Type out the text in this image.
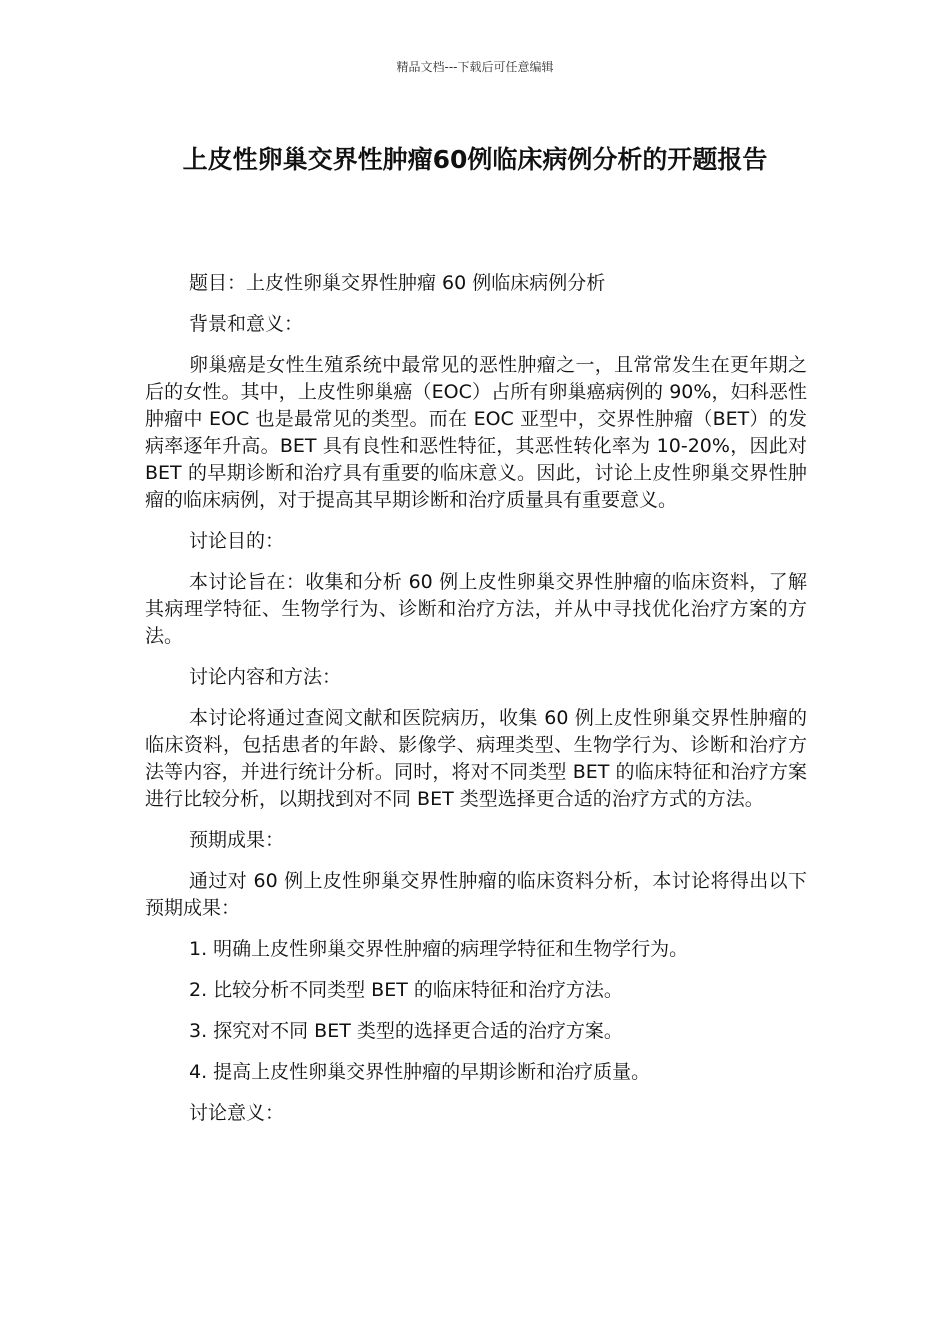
精品文档---下载后可任意编辑
上皮性卵巢交界性肿瘤60例临床病例分析的开题报告

题目：上皮性卵巢交界性肿瘤 60 例临床病例分析

背景和意义：

卵巢癌是女性生殖系统中最常见的恶性肿瘤之一，且常常发生在更年期之后的女性。其中，上皮性卵巢癌（EOC）占所有卵巢癌病例的 90%，妇科恶性肿瘤中 EOC 也是最常见的类型。而在 EOC 亚型中，交界性肿瘤（BET）的发病率逐年升高。BET 具有良性和恶性特征，其恶性转化率为 10-20%，因此对 BET 的早期诊断和治疗具有重要的临床意义。因此，讨论上皮性卵巢交界性肿瘤的临床病例，对于提高其早期诊断和治疗质量具有重要意义。

讨论目的：

本讨论旨在：收集和分析 60 例上皮性卵巢交界性肿瘤的临床资料，了解其病理学特征、生物学行为、诊断和治疗方法，并从中寻找优化治疗方案的方法。

讨论内容和方法：

本讨论将通过查阅文献和医院病历，收集 60 例上皮性卵巢交界性肿瘤的临床资料，包括患者的年龄、影像学、病理类型、生物学行为、诊断和治疗方法等内容，并进行统计分析。同时，将对不同类型 BET 的临床特征和治疗方案进行比较分析，以期找到对不同 BET 类型选择更合适的治疗方式的方法。

预期成果：

通过对 60 例上皮性卵巢交界性肿瘤的临床资料分析，本讨论将得出以下预期成果：

1. 明确上皮性卵巢交界性肿瘤的病理学特征和生物学行为。
2. 比较分析不同类型 BET 的临床特征和治疗方法。
3. 探究对不同 BET 类型的选择更合适的治疗方案。
4. 提高上皮性卵巢交界性肿瘤的早期诊断和治疗质量。

讨论意义：
